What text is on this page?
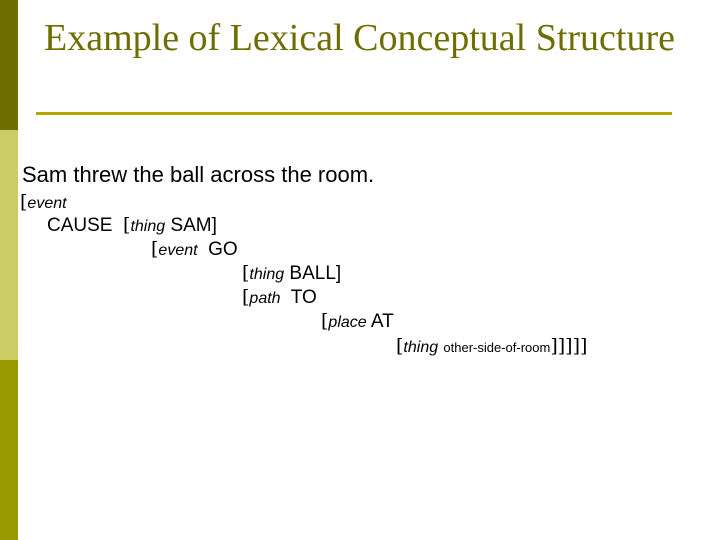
Example of Lexical Conceptual Structure
Sam threw the ball across the room.
[event
CAUSE [thing SAM]
[event GO
[thing BALL]
[path TO
[place AT
[thing other-side-of-room]]]]]
